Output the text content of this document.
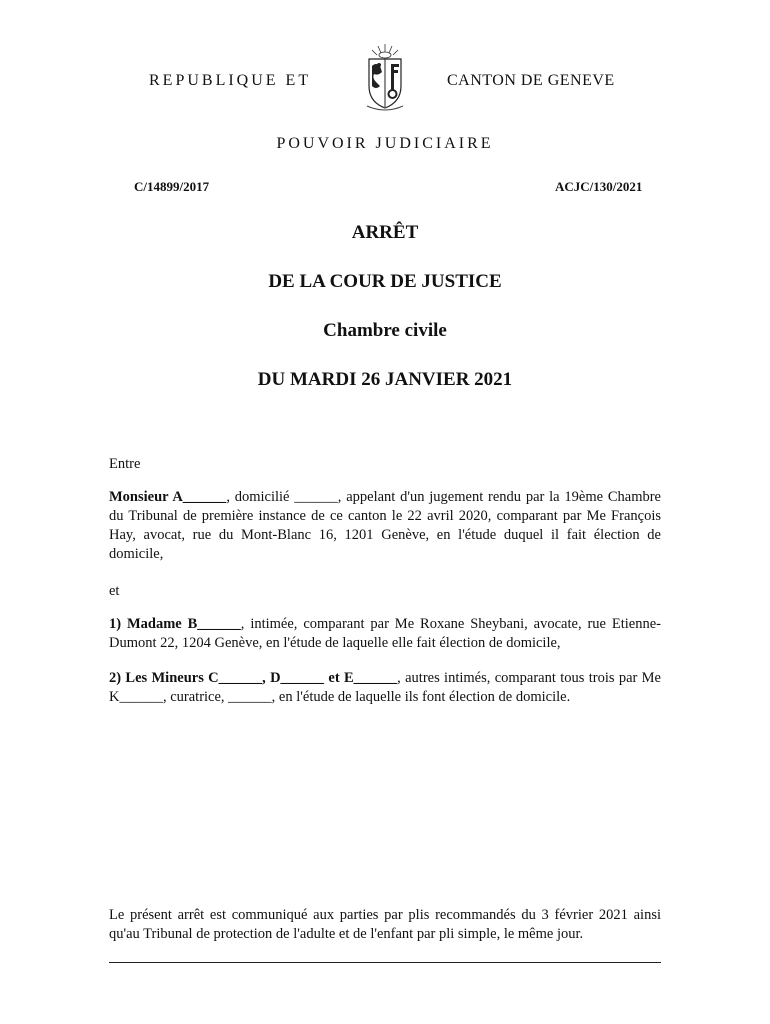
REPUBLIQUE ET	CANTON DE GENEVE
POUVOIR JUDICIAIRE
C/14899/2017	ACJC/130/2021
ARRÊT
DE LA COUR DE JUSTICE
Chambre civile
DU MARDI 26 JANVIER 2021
Entre
Monsieur A______, domicilié ______, appelant d'un jugement rendu par la 19ème Chambre du Tribunal de première instance de ce canton le 22 avril 2020, comparant par Me François Hay, avocat, rue du Mont-Blanc 16, 1201 Genève, en l'étude duquel il fait élection de domicile,
et
1) Madame B______, intimée, comparant par Me Roxane Sheybani, avocate, rue Etienne-Dumont 22, 1204 Genève, en l'étude de laquelle elle fait élection de domicile,
2) Les Mineurs C______, D______ et E______, autres intimés, comparant tous trois par Me K______, curatrice, ______, en l'étude de laquelle ils font élection de domicile.
Le présent arrêt est communiqué aux parties par plis recommandés du 3 février 2021 ainsi qu'au Tribunal de protection de l'adulte et de l'enfant par pli simple, le même jour.
